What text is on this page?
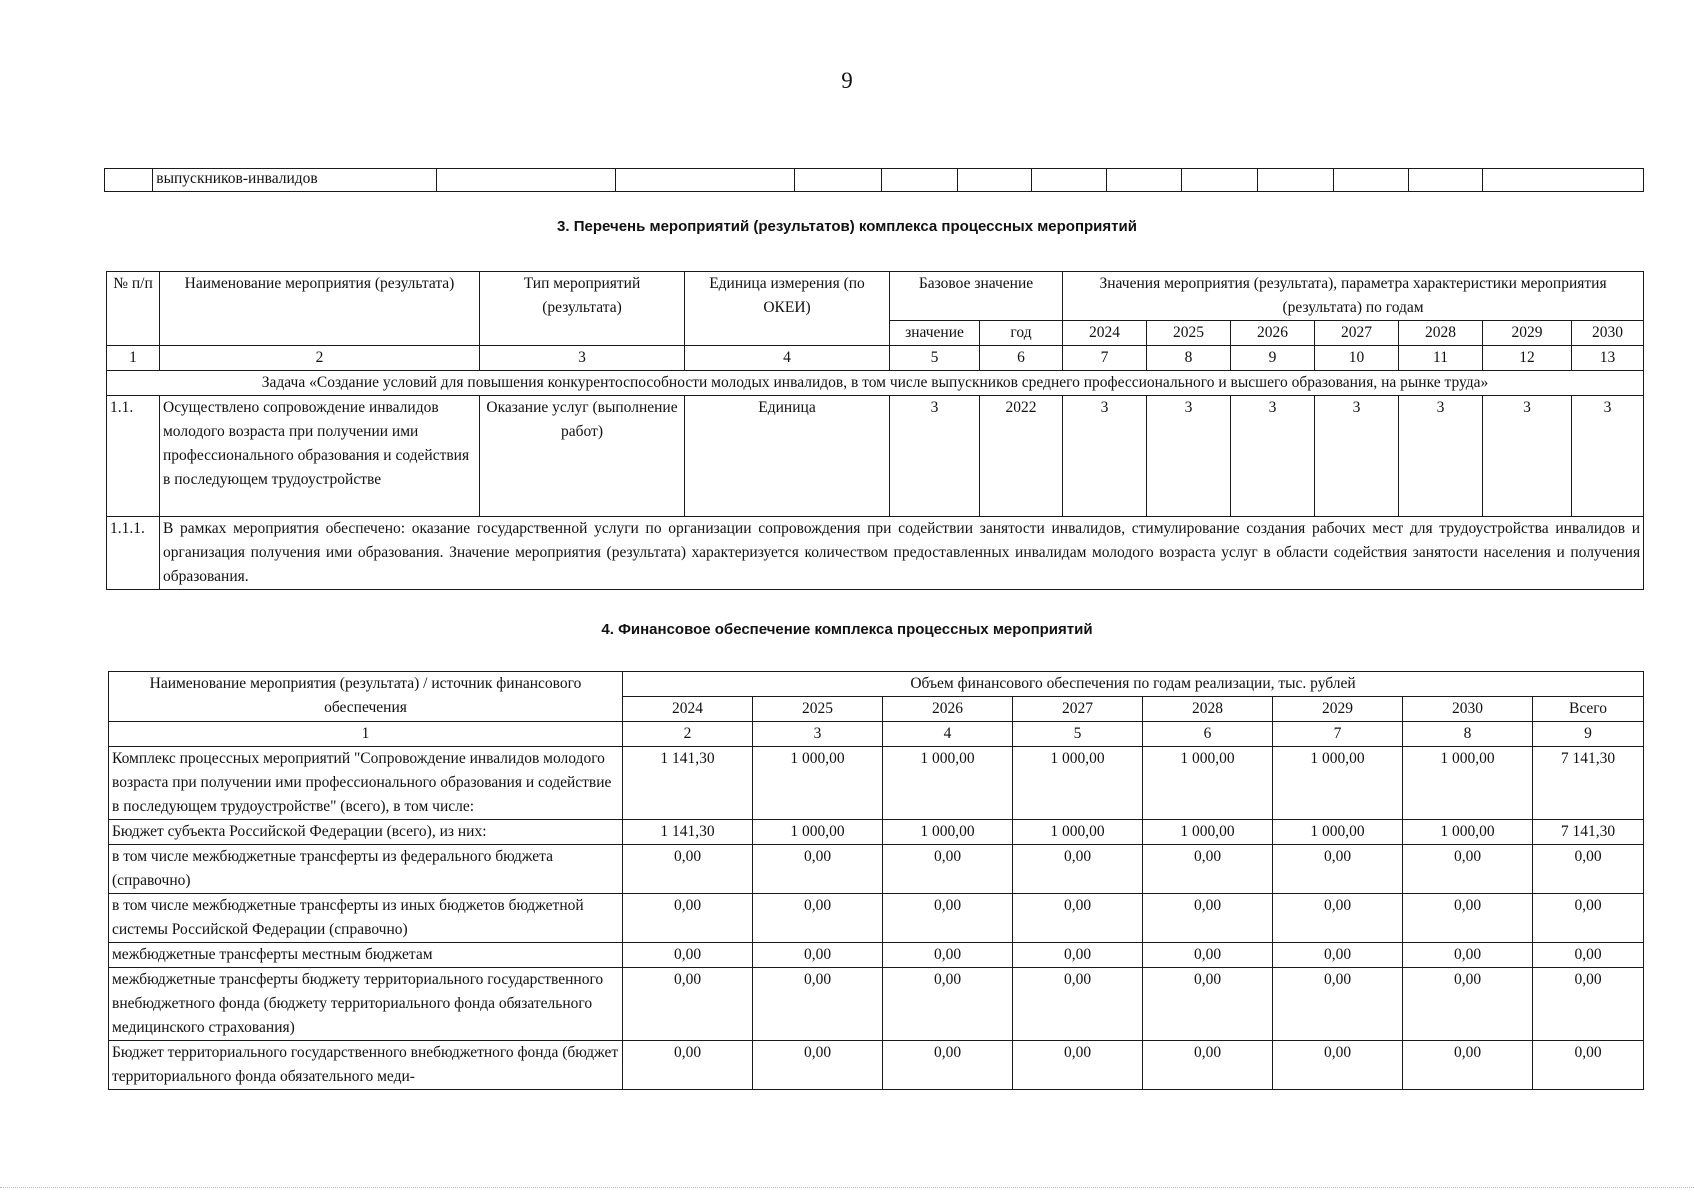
9
	выпускников-инвалидов												
3. Перечень мероприятий (результатов) комплекса процессных мероприятий
№ п/п	Наименование мероприятия (результата)	Тип мероприятий (результата)	Единица измерения (по ОКЕИ)	Базовое значение		Значения мероприятия (результата), параметра характеристики мероприятия (результата) по годам						
				значение	год	2024	2025	2026	2027	2028	2029	2030
1	2	3	4	5	6	7	8	9	10	11	12	13
Задача «Создание условий для повышения конкурентоспособности молодых инвалидов, в том числе выпускников среднего профессионального и высшего образования, на рынке труда»												
1.1.	Осуществлено сопровождение инвалидов молодого возраста при получении ими профессионального образования и содействия в последующем трудоустройстве	Оказание услуг (выполнение работ)	Единица	3	2022	3	3	3	3	3	3	3
1.1.1.	В рамках мероприятия обеспечено: оказание государственной услуги по организации сопровождения при содействии занятости инвалидов, стимулирование создания рабочих мест для трудоустройства инвалидов и организация получения ими образования. Значение мероприятия (результата) характеризуется количеством предоставленных инвалидам молодого возраста услуг в области содействия занятости населения и получения образования.											
4. Финансовое обеспечение комплекса процессных мероприятий
Наименование мероприятия (результата) / источник финансового обеспечения	Объем финансового обеспечения по годам реализации, тыс. рублей							
	2024	2025	2026	2027	2028	2029	2030	Всего
1	2	3	4	5	6	7	8	9
Комплекс процессных мероприятий "Сопровождение инвалидов молодого возраста при получении ими профессионального образования и содействие в последующем трудоустройстве" (всего), в том числе:	1 141,30	1 000,00	1 000,00	1 000,00	1 000,00	1 000,00	1 000,00	7 141,30
Бюджет субъекта Российской Федерации (всего), из них:	1 141,30	1 000,00	1 000,00	1 000,00	1 000,00	1 000,00	1 000,00	7 141,30
в том числе межбюджетные трансферты из федерального бюджета (справочно)	0,00	0,00	0,00	0,00	0,00	0,00	0,00	0,00
в том числе межбюджетные трансферты из иных бюджетов бюджетной системы Российской Федерации (справочно)	0,00	0,00	0,00	0,00	0,00	0,00	0,00	0,00
межбюджетные трансферты местным бюджетам	0,00	0,00	0,00	0,00	0,00	0,00	0,00	0,00
межбюджетные трансферты бюджету территориального государственного внебюджетного фонда (бюджету территориального фонда обязательного медицинского страхования)	0,00	0,00	0,00	0,00	0,00	0,00	0,00	0,00
Бюджет территориального государственного внебюджетного фонда (бюджет территориального фонда обязательного меди-	0,00	0,00	0,00	0,00	0,00	0,00	0,00	0,00
